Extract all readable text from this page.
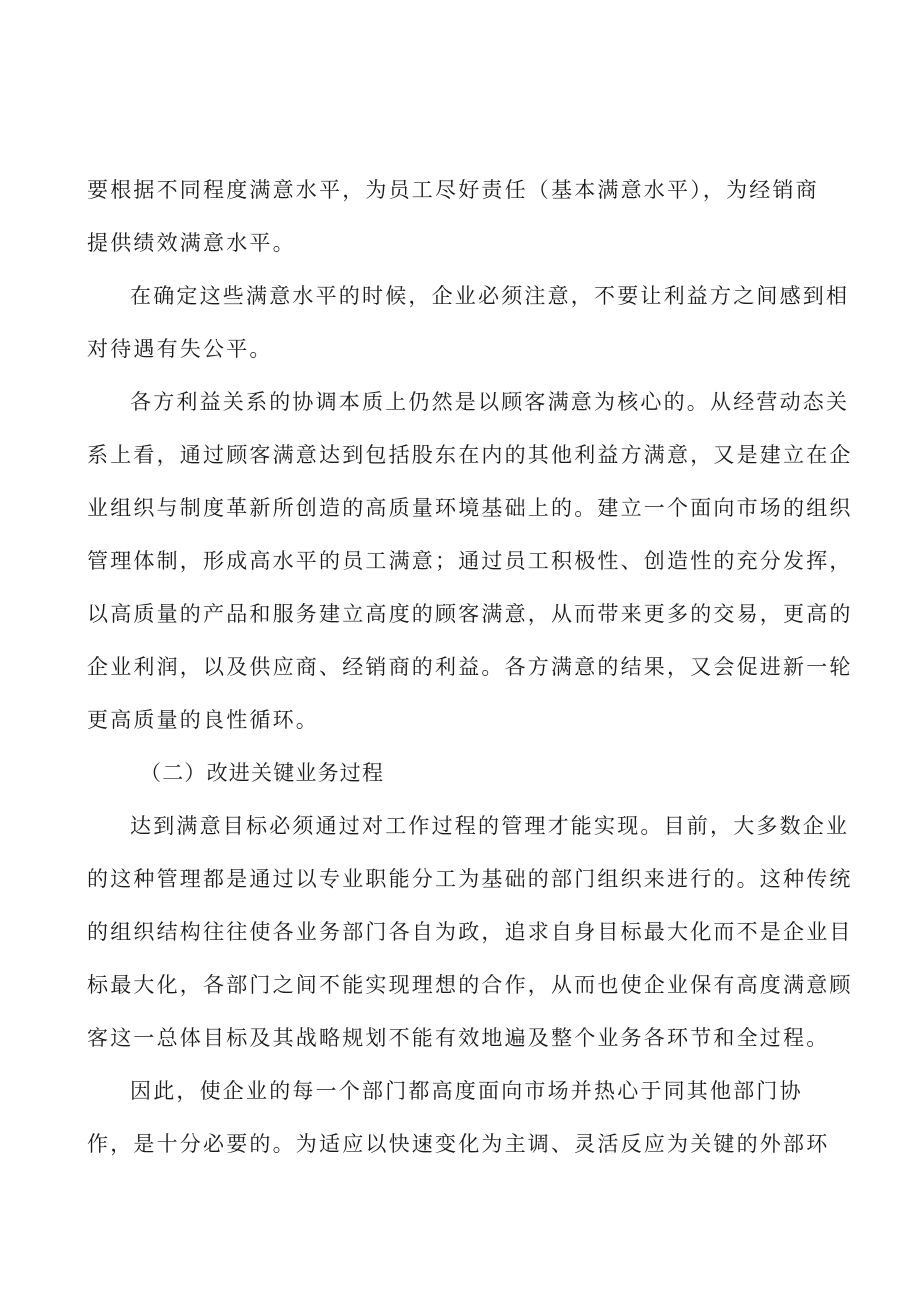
要根据不同程度满意水平，为员工尽好责任（基本满意水平），为经销商
提供绩效满意水平。
在确定这些满意水平的时候，企业必须注意，不要让利益方之间感到相
对待遇有失公平。
各方利益关系的协调本质上仍然是以顾客满意为核心的。从经营动态关
系上看，通过顾客满意达到包括股东在内的其他利益方满意，又是建立在企
业组织与制度革新所创造的高质量环境基础上的。建立一个面向市场的组织
管理体制，形成高水平的员工满意；通过员工积极性、创造性的充分发挥，
以高质量的产品和服务建立高度的顾客满意，从而带来更多的交易，更高的
企业利润，以及供应商、经销商的利益。各方满意的结果，又会促进新一轮
更高质量的良性循环。
（二）改进关键业务过程
达到满意目标必须通过对工作过程的管理才能实现。目前，大多数企业
的这种管理都是通过以专业职能分工为基础的部门组织来进行的。这种传统
的组织结构往往使各业务部门各自为政，追求自身目标最大化而不是企业目
标最大化，各部门之间不能实现理想的合作，从而也使企业保有高度满意顾
客这一总体目标及其战略规划不能有效地遍及整个业务各环节和全过程。
因此，使企业的每一个部门都高度面向市场并热心于同其他部门协
作，是十分必要的。为适应以快速变化为主调、灵活反应为关键的外部环
